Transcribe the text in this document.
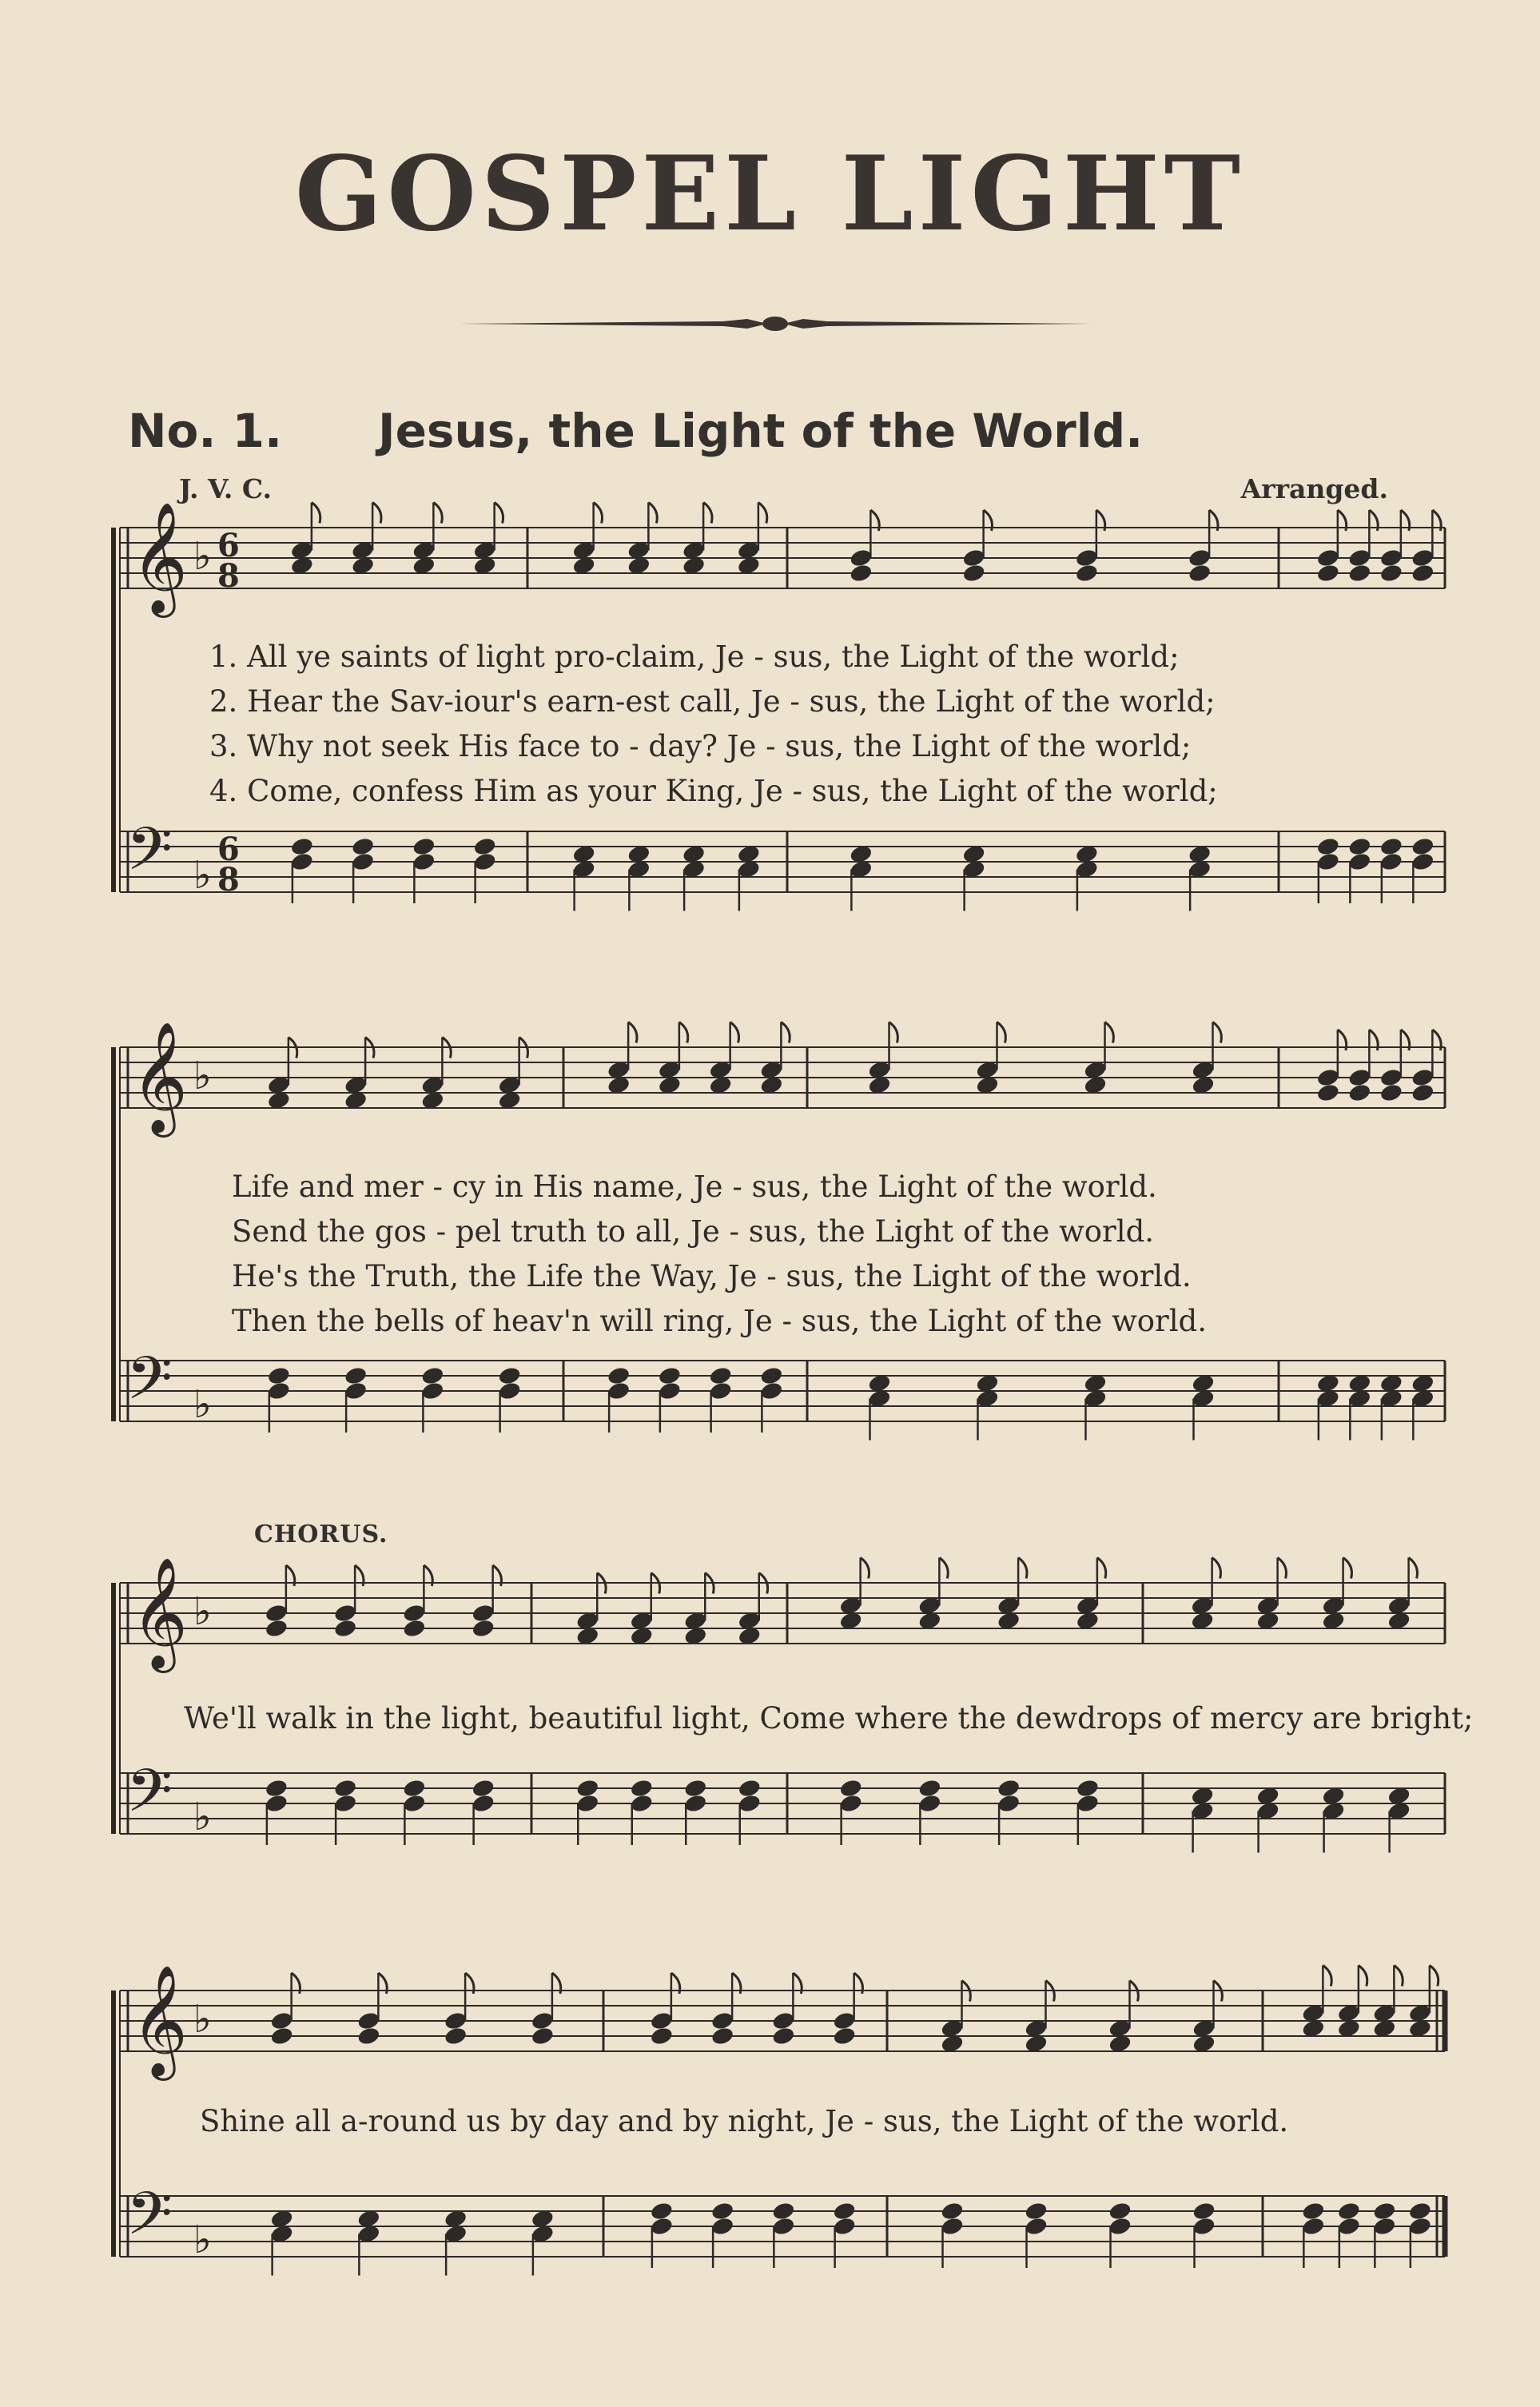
GOSPEL LIGHT
No. 1. Jesus, the Light of the World.
J. V. C.	Arranged.
𝄞 ♭ 6
8
𝄢 ♭
6
8
𝄞 ♭
𝄢 ♭
𝄞 ♭
𝄢 ♭
𝄞 ♭
𝄢 ♭
1. All ye saints of light pro-claim, Je - sus, the Light of the world;
2. Hear the Sav-iour's earn-est call, Je - sus, the Light of the world;
3. Why not seek His face to - day? Je - sus, the Light of the world;
4. Come, confess Him as your King, Je - sus, the Light of the world;
Life and mer - cy in His name, Je - sus, the Light of the world.
Send the gos - pel truth to all, Je - sus, the Light of the world.
He's the Truth, the Life the Way, Je - sus, the Light of the world.
Then the bells of heav'n will ring, Je - sus, the Light of the world.
CHORUS.
We'll walk in the light, beautiful light, Come where the dewdrops of mercy are bright;
Shine all a-round us by day and by night, Je - sus, the Light of the world.
